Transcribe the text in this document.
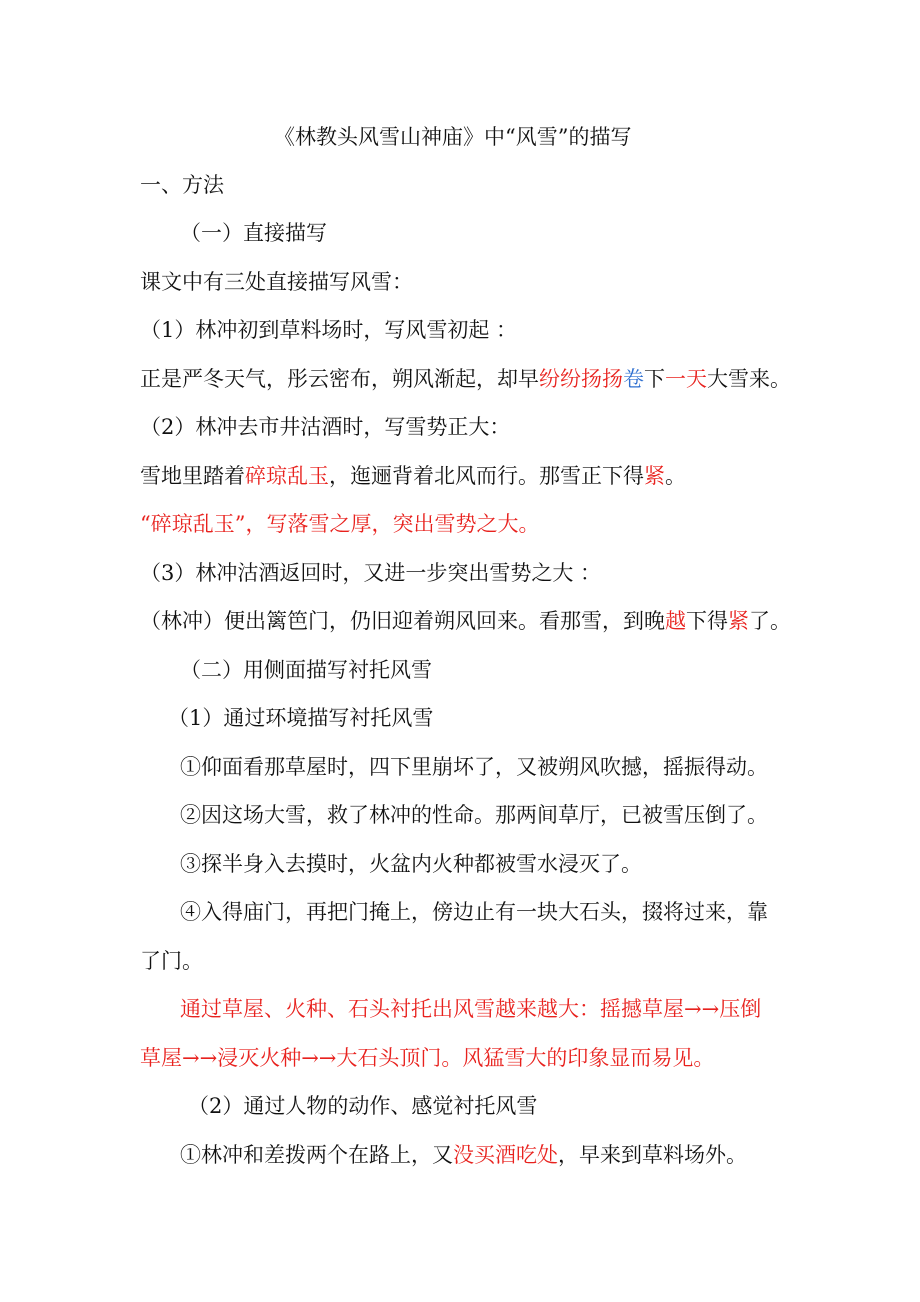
《林教头风雪山神庙》中“风雪”的描写
一、方法
（一）直接描写
课文中有三处直接描写风雪：
（1）林冲初到草料场时，写风雪初起 ：
正是严冬天气，彤云密布，朔风渐起，却早纷纷扬扬卷下一天大雪来。
（2）林冲去市井沽酒时，写雪势正大：
雪地里踏着碎琼乱玉，迤逦背着北风而行。那雪正下得紧。
“碎琼乱玉”，写落雪之厚，突出雪势之大。
（3）林冲沽酒返回时，又进一步突出雪势之大 ：
（林冲）便出篱笆门，仍旧迎着朔风回来。看那雪，到晚越下得紧了。
（二）用侧面描写衬托风雪
（1）通过环境描写衬托风雪
①仰面看那草屋时，四下里崩坏了，又被朔风吹撼，摇振得动。
②因这场大雪，救了林冲的性命。那两间草厅，已被雪压倒了。
③探半身入去摸时，火盆内火种都被雪水浸灭了。
④入得庙门，再把门掩上，傍边止有一块大石头，掇将过来，靠
了门。
通过草屋、火种、石头衬托出风雪越来越大：摇撼草屋→→压倒
草屋→→浸灭火种→→大石头顶门。风猛雪大的印象显而易见。
（2）通过人物的动作、感觉衬托风雪
①林冲和差拨两个在路上，又没买酒吃处，早来到草料场外。
